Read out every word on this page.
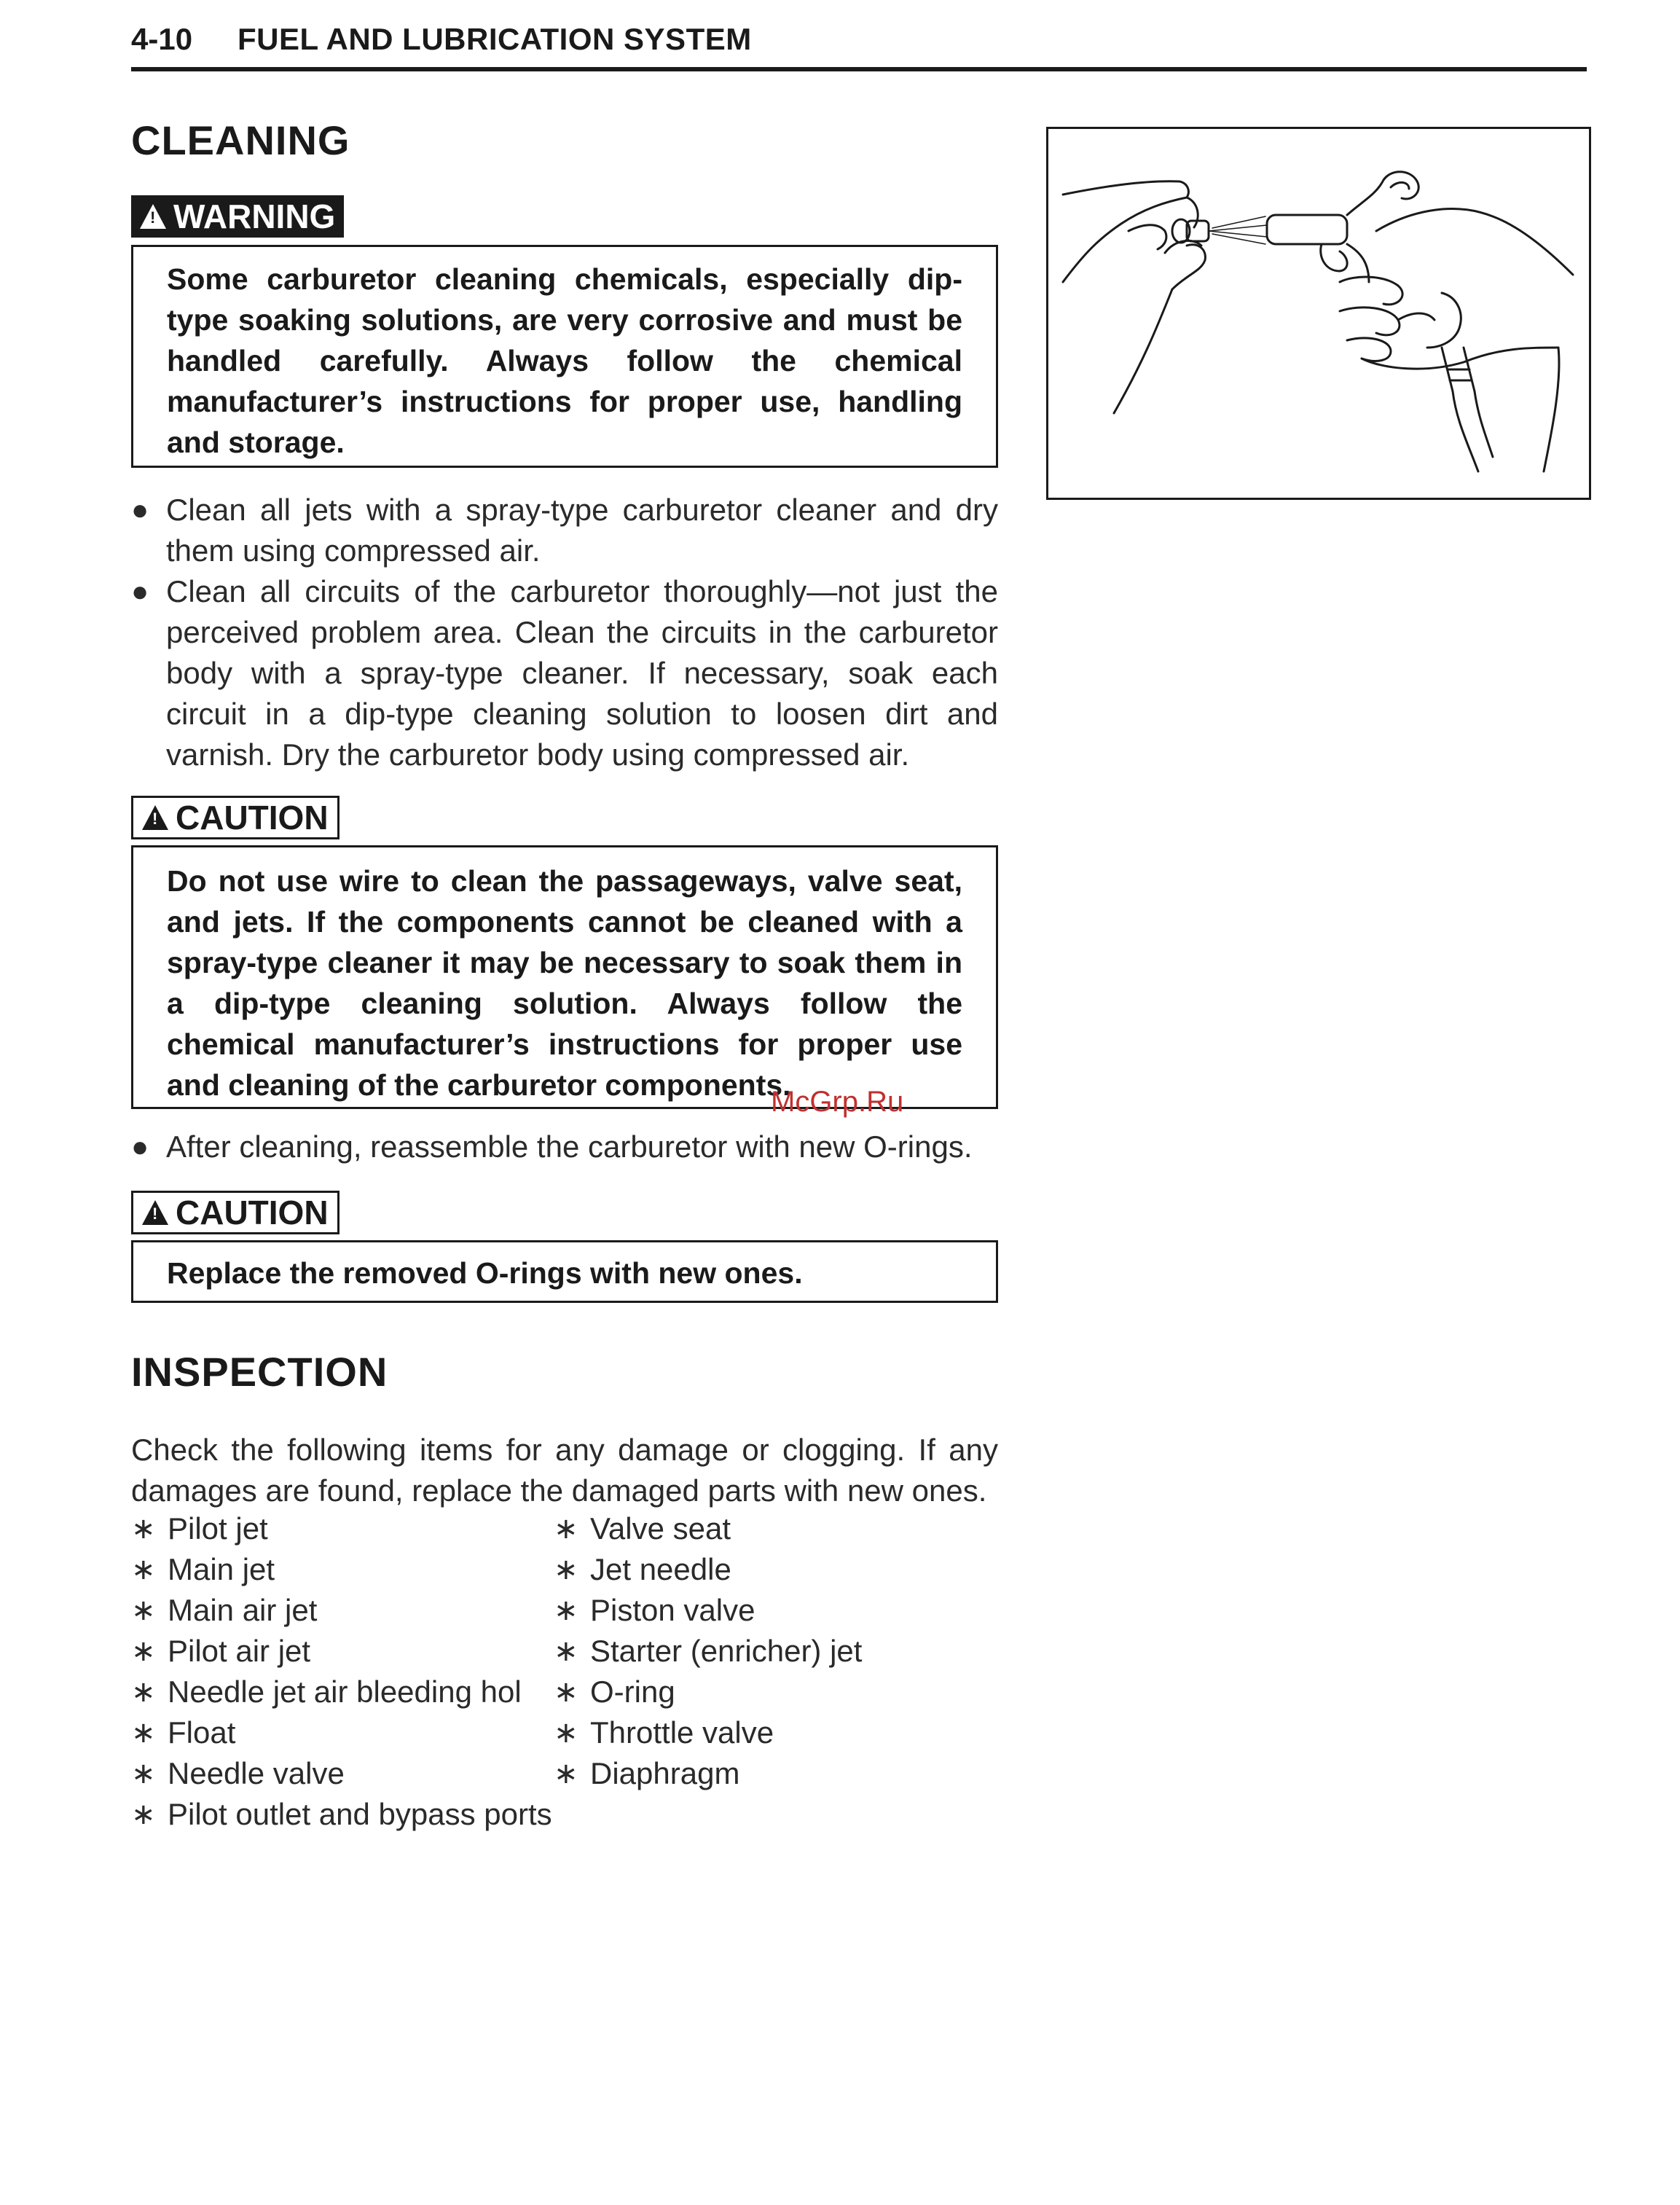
4-10 FUEL AND LUBRICATION SYSTEM
CLEANING
! WARNING
Some carburetor cleaning chemicals, especially dip-type soaking solutions, are very corrosive and must be handled carefully. Always follow the chemical manufacturer’s instructions for proper use, handling and storage.
● Clean all jets with a spray-type carburetor cleaner and dry them using compressed air.
● Clean all circuits of the carburetor thoroughly—not just the perceived problem area. Clean the circuits in the carburetor body with a spray-type cleaner. If necessary, soak each circuit in a dip-type cleaning solution to loosen dirt and varnish. Dry the carburetor body using compressed air.
! CAUTION
Do not use wire to clean the passageways, valve seat, and jets. If the components cannot be cleaned with a spray-type cleaner it may be necessary to soak them in a dip-type cleaning solution. Always follow the chemical manufacturer’s instructions for proper use and cleaning of the carburetor components.
● After cleaning, reassemble the carburetor with new O-rings.
! CAUTION
Replace the removed O-rings with new ones.
INSPECTION
Check the following items for any damage or clogging. If any damages are found, replace the damaged parts with new ones.
∗ Pilot jet
∗ Main jet
∗ Main air jet
∗ Pilot air jet
∗ Needle jet air bleeding hol
∗ Float
∗ Needle valve
∗ Pilot outlet and bypass ports
∗ Valve seat
∗ Jet needle
∗ Piston valve
∗ Starter (enricher) jet
∗ O-ring
∗ Throttle valve
∗ Diaphragm
McGrp.Ru
